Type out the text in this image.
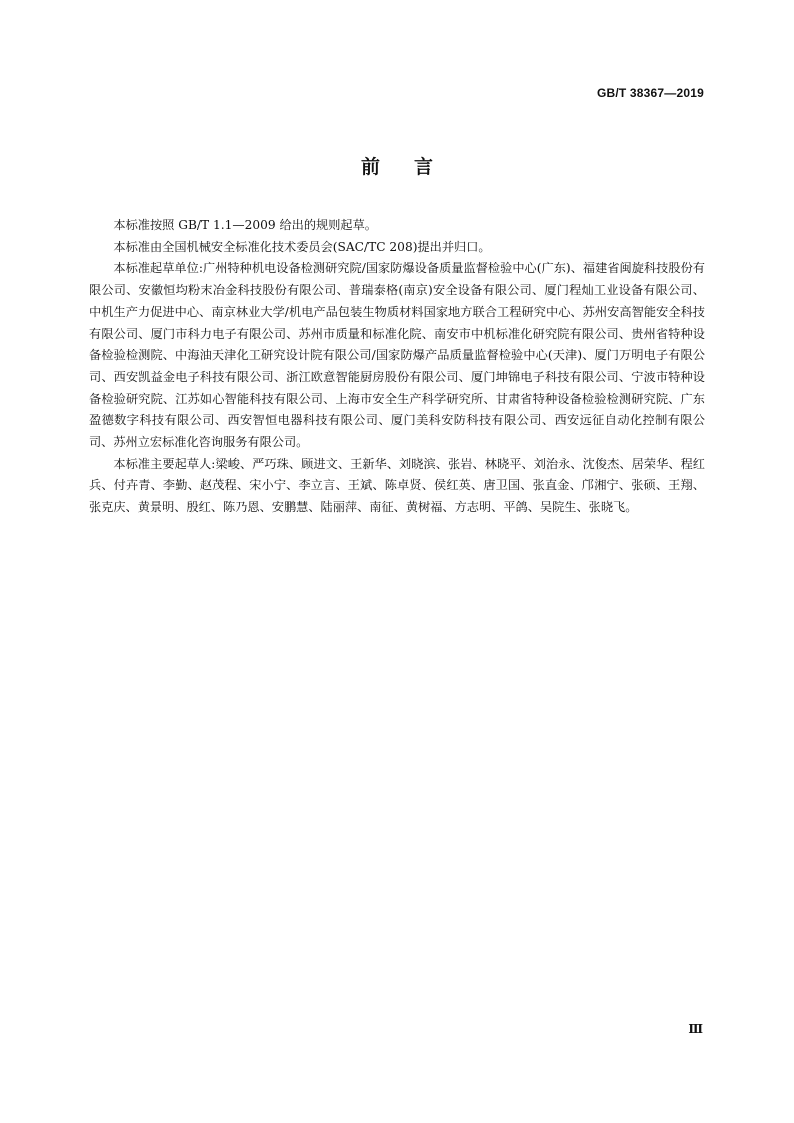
GB/T 38367—2019
前言

本标准按照 GB/T 1.1—2009 给出的规则起草。

本标准由全国机械安全标准化技术委员会(SAC/TC 208)提出并归口。

本标准起草单位:广州特种机电设备检测研究院/国家防爆设备质量监督检验中心(广东)、福建省闽旋科技股份有限公司、安徽恒均粉末冶金科技股份有限公司、普瑞泰格(南京)安全设备有限公司、厦门程灿工业设备有限公司、中机生产力促进中心、南京林业大学/机电产品包装生物质材料国家地方联合工程研究中心、苏州安高智能安全科技有限公司、厦门市科力电子有限公司、苏州市质量和标准化院、南安市中机标准化研究院有限公司、贵州省特种设备检验检测院、中海油天津化工研究设计院有限公司/国家防爆产品质量监督检验中心(天津)、厦门万明电子有限公司、西安凯益金电子科技有限公司、浙江欧意智能厨房股份有限公司、厦门坤锦电子科技有限公司、宁波市特种设备检验研究院、江苏如心智能科技有限公司、上海市安全生产科学研究所、甘肃省特种设备检验检测研究院、广东盈德数字科技有限公司、西安智恒电器科技有限公司、厦门美科安防科技有限公司、西安远征自动化控制有限公司、苏州立宏标准化咨询服务有限公司。

本标准主要起草人:梁峻、严巧珠、顾进文、王新华、刘晓滨、张岩、林晓平、刘治永、沈俊杰、居荣华、程红兵、付卉青、李勤、赵茂程、宋小宁、李立言、王斌、陈卓贤、侯红英、唐卫国、张直金、邝湘宁、张硕、王翔、张克庆、黄景明、殷红、陈乃恩、安鹏慧、陆丽萍、南征、黄树福、方志明、平鸽、吴院生、张晓飞。

Ⅲ
